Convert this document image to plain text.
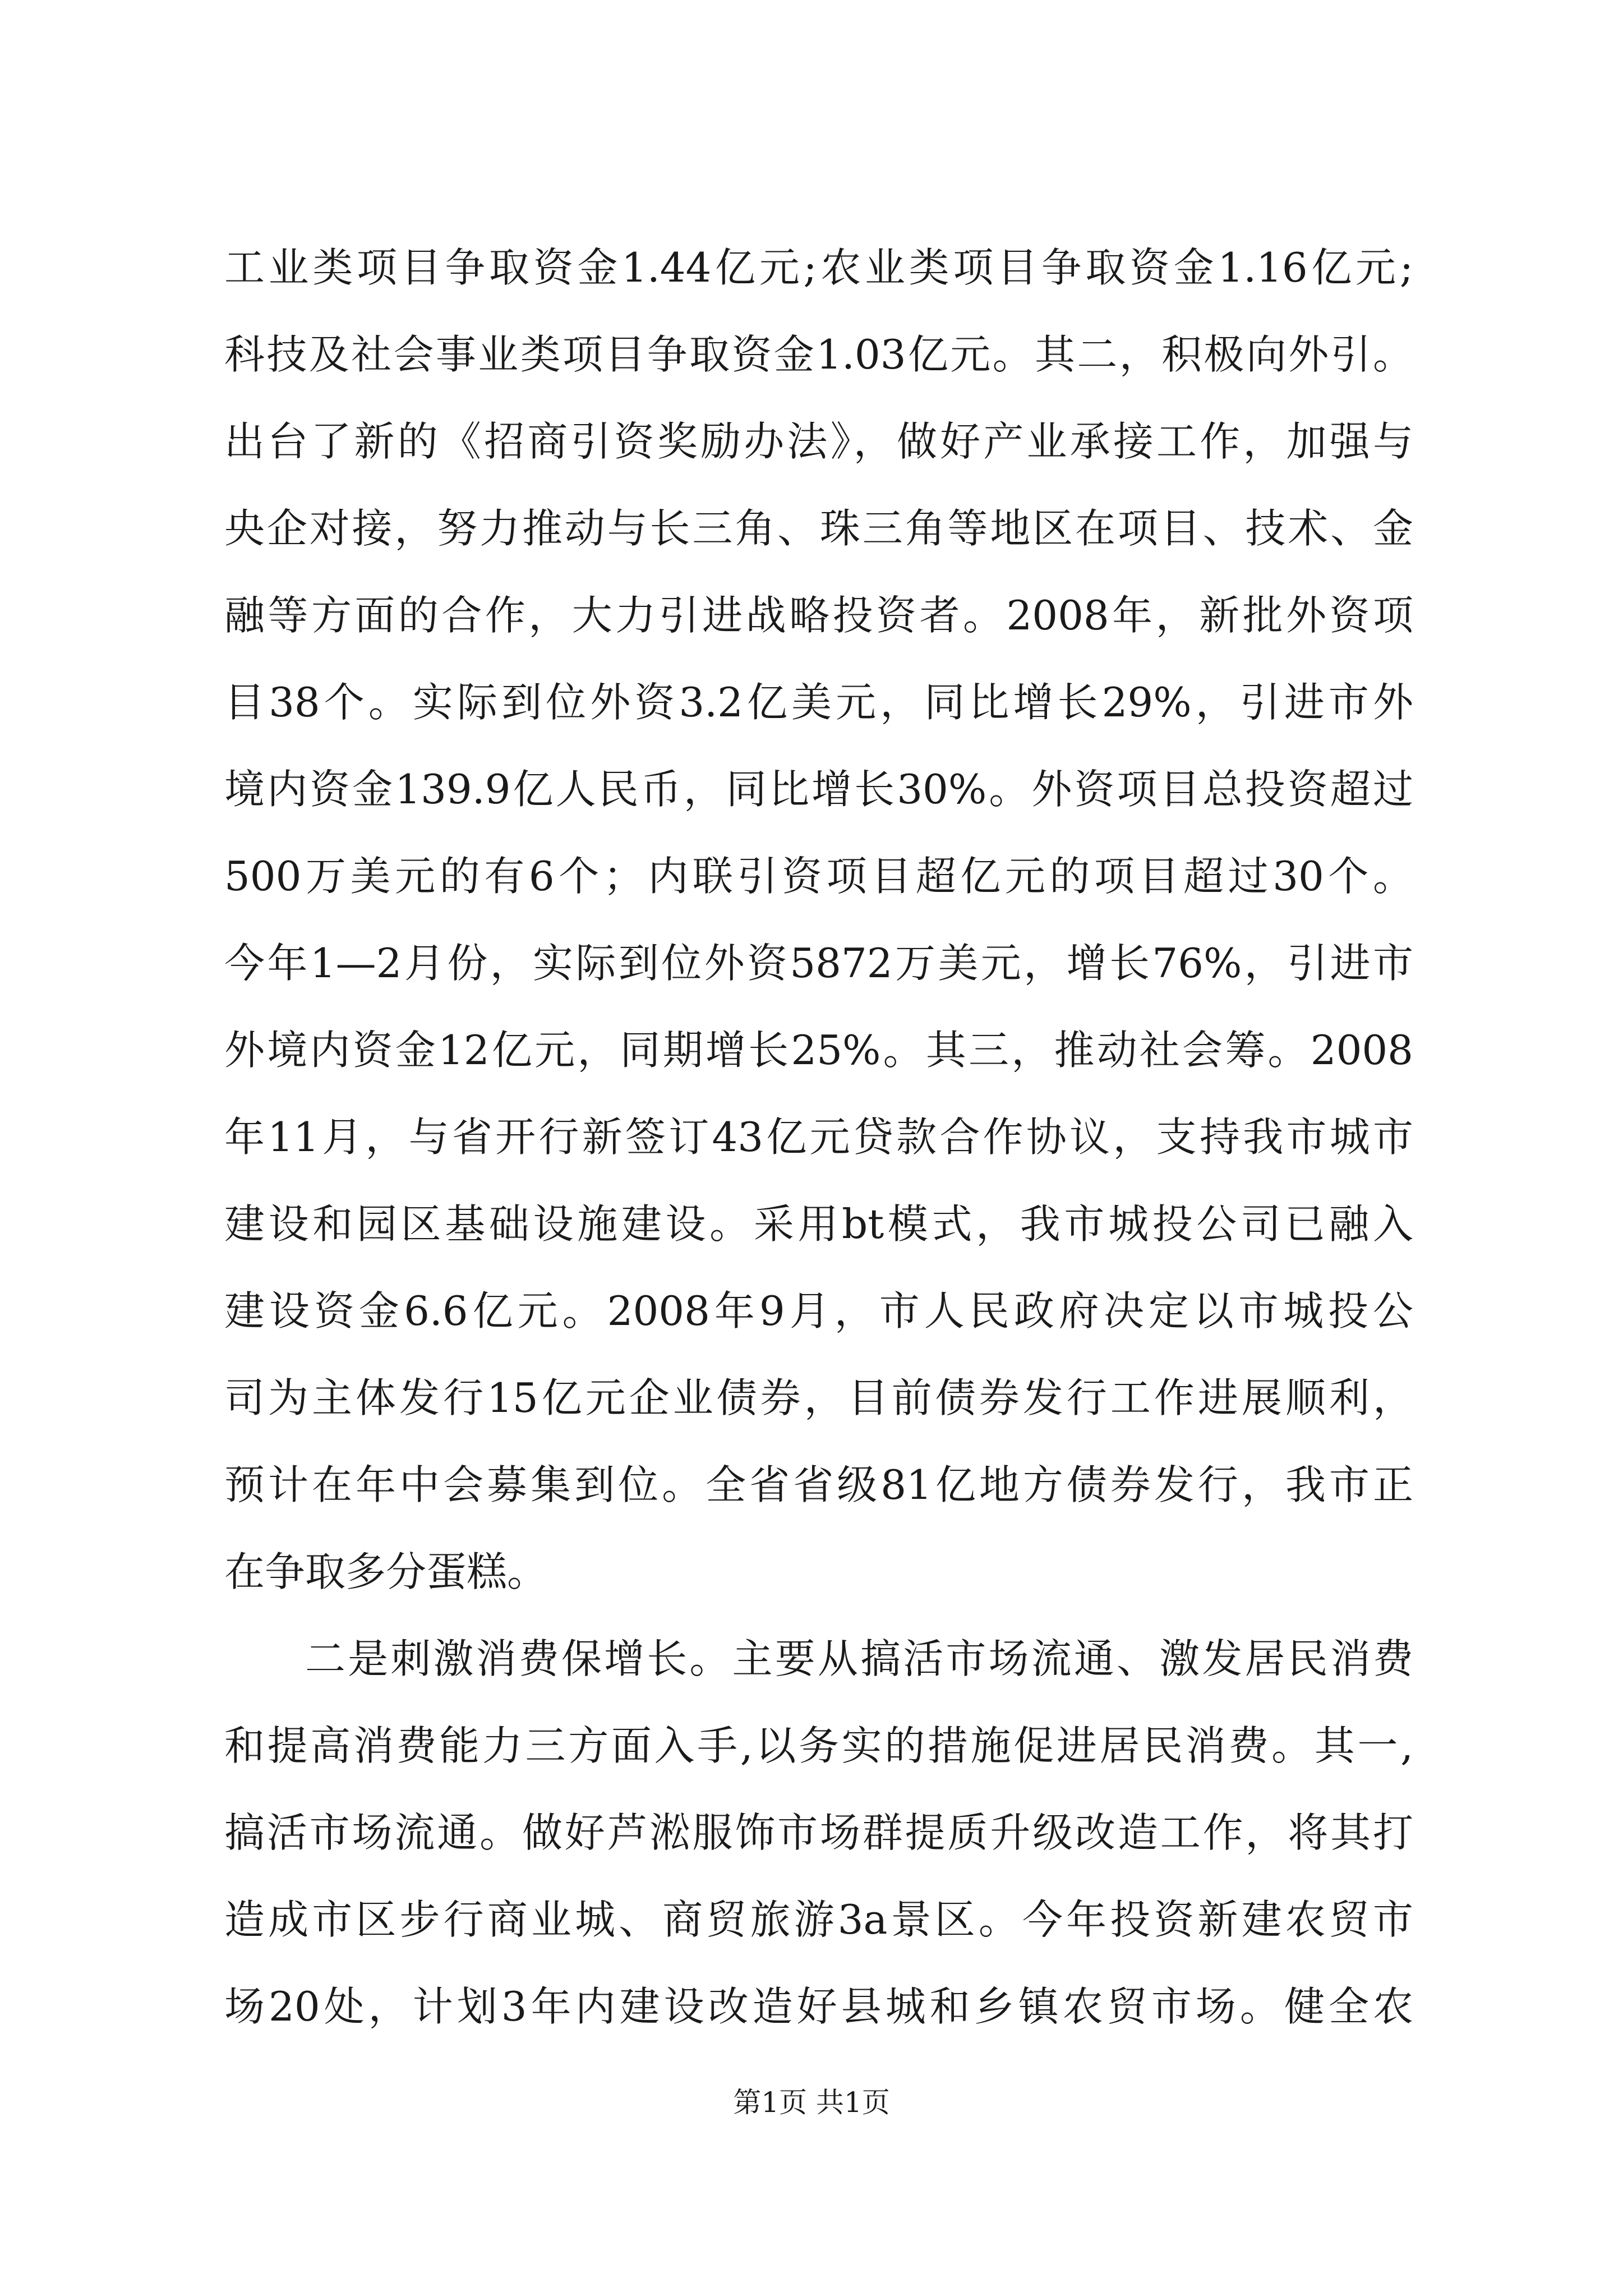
工业类项目争取资金1.44亿元;农业类项目争取资金1.16亿元;
科技及社会事业类项目争取资金1.03亿元。其二，积极向外引。
出台了新的《招商引资奖励办法》，做好产业承接工作，加强与
央企对接，努力推动与长三角、珠三角等地区在项目、技术、金
融等方面的合作，大力引进战略投资者。2008年，新批外资项
目38个。实际到位外资3.2亿美元，同比增长29%，引进市外
境内资金139.9亿人民币，同比增长30%。外资项目总投资超过
500万美元的有6个；内联引资项目超亿元的项目超过30个。
今年1—2月份，实际到位外资5872万美元，增长76%，引进市
外境内资金12亿元，同期增长25%。其三，推动社会筹。2008
年11月，与省开行新签订43亿元贷款合作协议，支持我市城市
建设和园区基础设施建设。采用bt模式，我市城投公司已融入
建设资金6.6亿元。2008年9月，市人民政府决定以市城投公
司为主体发行15亿元企业债券，目前债券发行工作进展顺利，
预计在年中会募集到位。全省省级81亿地方债券发行，我市正
在争取多分蛋糕。
二是刺激消费保增长。主要从搞活市场流通、激发居民消费
和提高消费能力三方面入手,以务实的措施促进居民消费。其一,
搞活市场流通。做好芦淞服饰市场群提质升级改造工作，将其打
造成市区步行商业城、商贸旅游3a景区。今年投资新建农贸市
场20处，计划3年内建设改造好县城和乡镇农贸市场。健全农
第1页 共1页
